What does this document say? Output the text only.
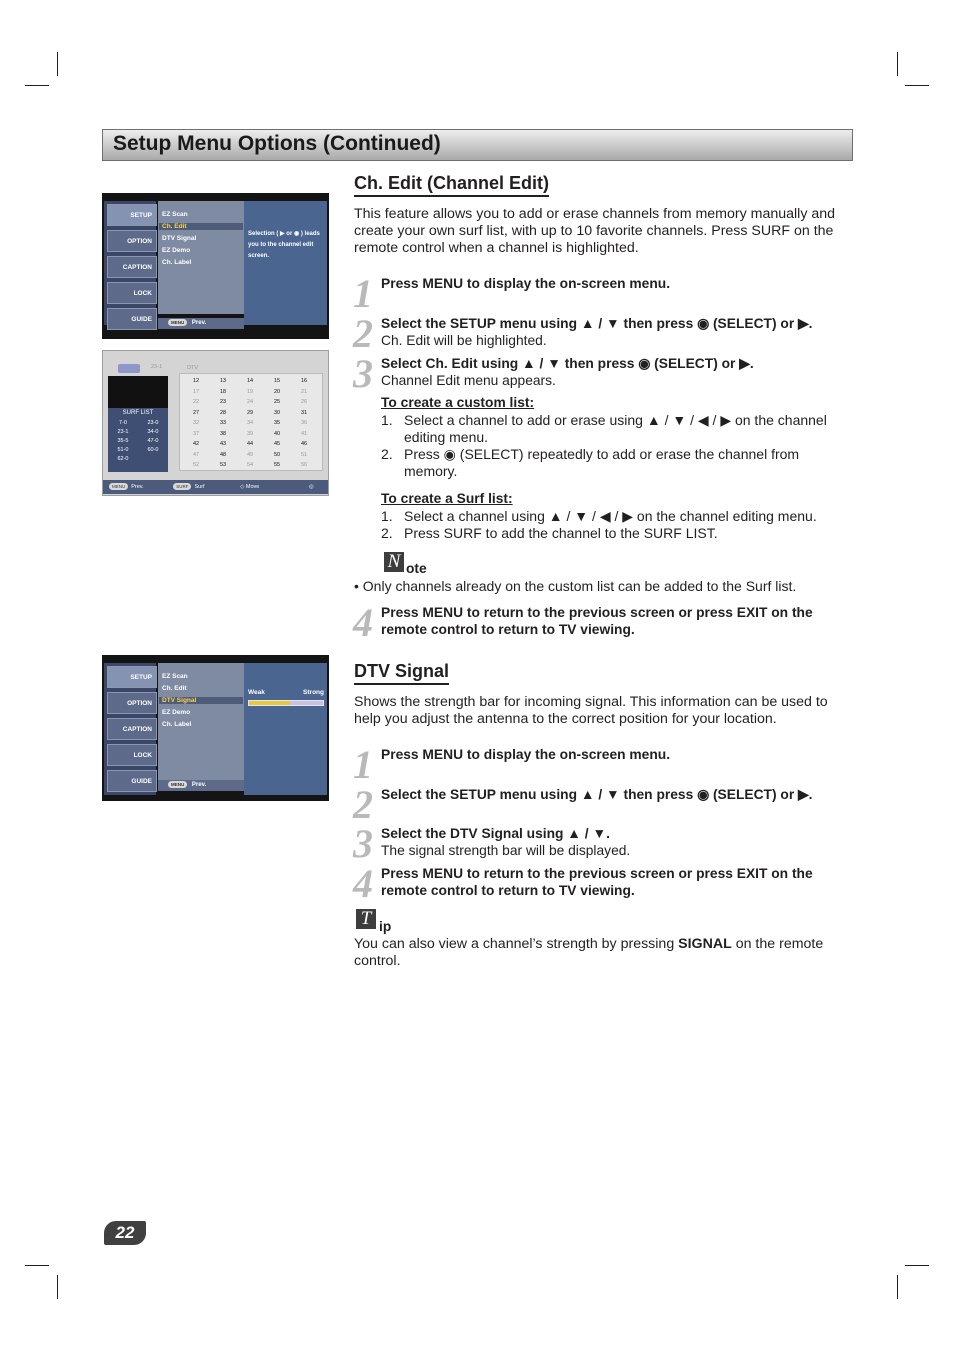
Setup Menu Options (Continued)
SETUP
OPTION
CAPTION
LOCK
GUIDE
EZ Scan
Ch. Edit
DTV Signal
EZ Demo
Ch. Label
Selection ( ▶ or ◉ ) leads you to the channel edit screen.
MENU Prev.
23-1	DTV
SURF LIST
7-0	23-0
23-1	34-0
35-5	47-0
51-0	60-0
62-0
12	13	14	15	16
17	18	19	20	21
22	23	24	25	26
27	28	29	30	31
32	33	34	35	36
37	38	39	40	41
42	43	44	45	46
47	48	49	50	51
52	53	54	55	56
MENU Prev.	SURF Surf	◇ Move	◎ Add/Delete
SETUP
OPTION
CAPTION
LOCK
GUIDE
EZ Scan
Ch. Edit
DTV Signal
EZ Demo
Ch. Label
Weak	Strong
MENU Prev.
Ch. Edit (Channel Edit)
This feature allows you to add or erase channels from memory manually and create your own surf list, with up to 10 favorite channels. Press SURF on the remote control when a channel is highlighted.
1 Press MENU to display the on-screen menu.
2 Select the SETUP menu using ▲ / ▼ then press ◉ (SELECT) or ▶.
Ch. Edit will be highlighted.
3 Select Ch. Edit using ▲ / ▼ then press ◉ (SELECT) or ▶.
Channel Edit menu appears.
To create a custom list:
1. Select a channel to add or erase using ▲ / ▼ / ◀ / ▶ on the channel editing menu.
2. Press ◉ (SELECT) repeatedly to add or erase the channel from memory.
To create a Surf list:
1. Select a channel using ▲ / ▼ / ◀ / ▶ on the channel editing menu.
2. Press SURF to add the channel to the SURF LIST.
N ote
• Only channels already on the custom list can be added to the Surf list.
4 Press MENU to return to the previous screen or press EXIT on the remote control to return to TV viewing.
DTV Signal
Shows the strength bar for incoming signal. This information can be used to help you adjust the antenna to the correct position for your location.
1 Press MENU to display the on-screen menu.
2 Select the SETUP menu using ▲ / ▼ then press ◉ (SELECT) or ▶.
3 Select the DTV Signal using ▲ / ▼.
The signal strength bar will be displayed.
4 Press MENU to return to the previous screen or press EXIT on the remote control to return to TV viewing.
T ip
You can also view a channel’s strength by pressing SIGNAL on the remote control.
22
